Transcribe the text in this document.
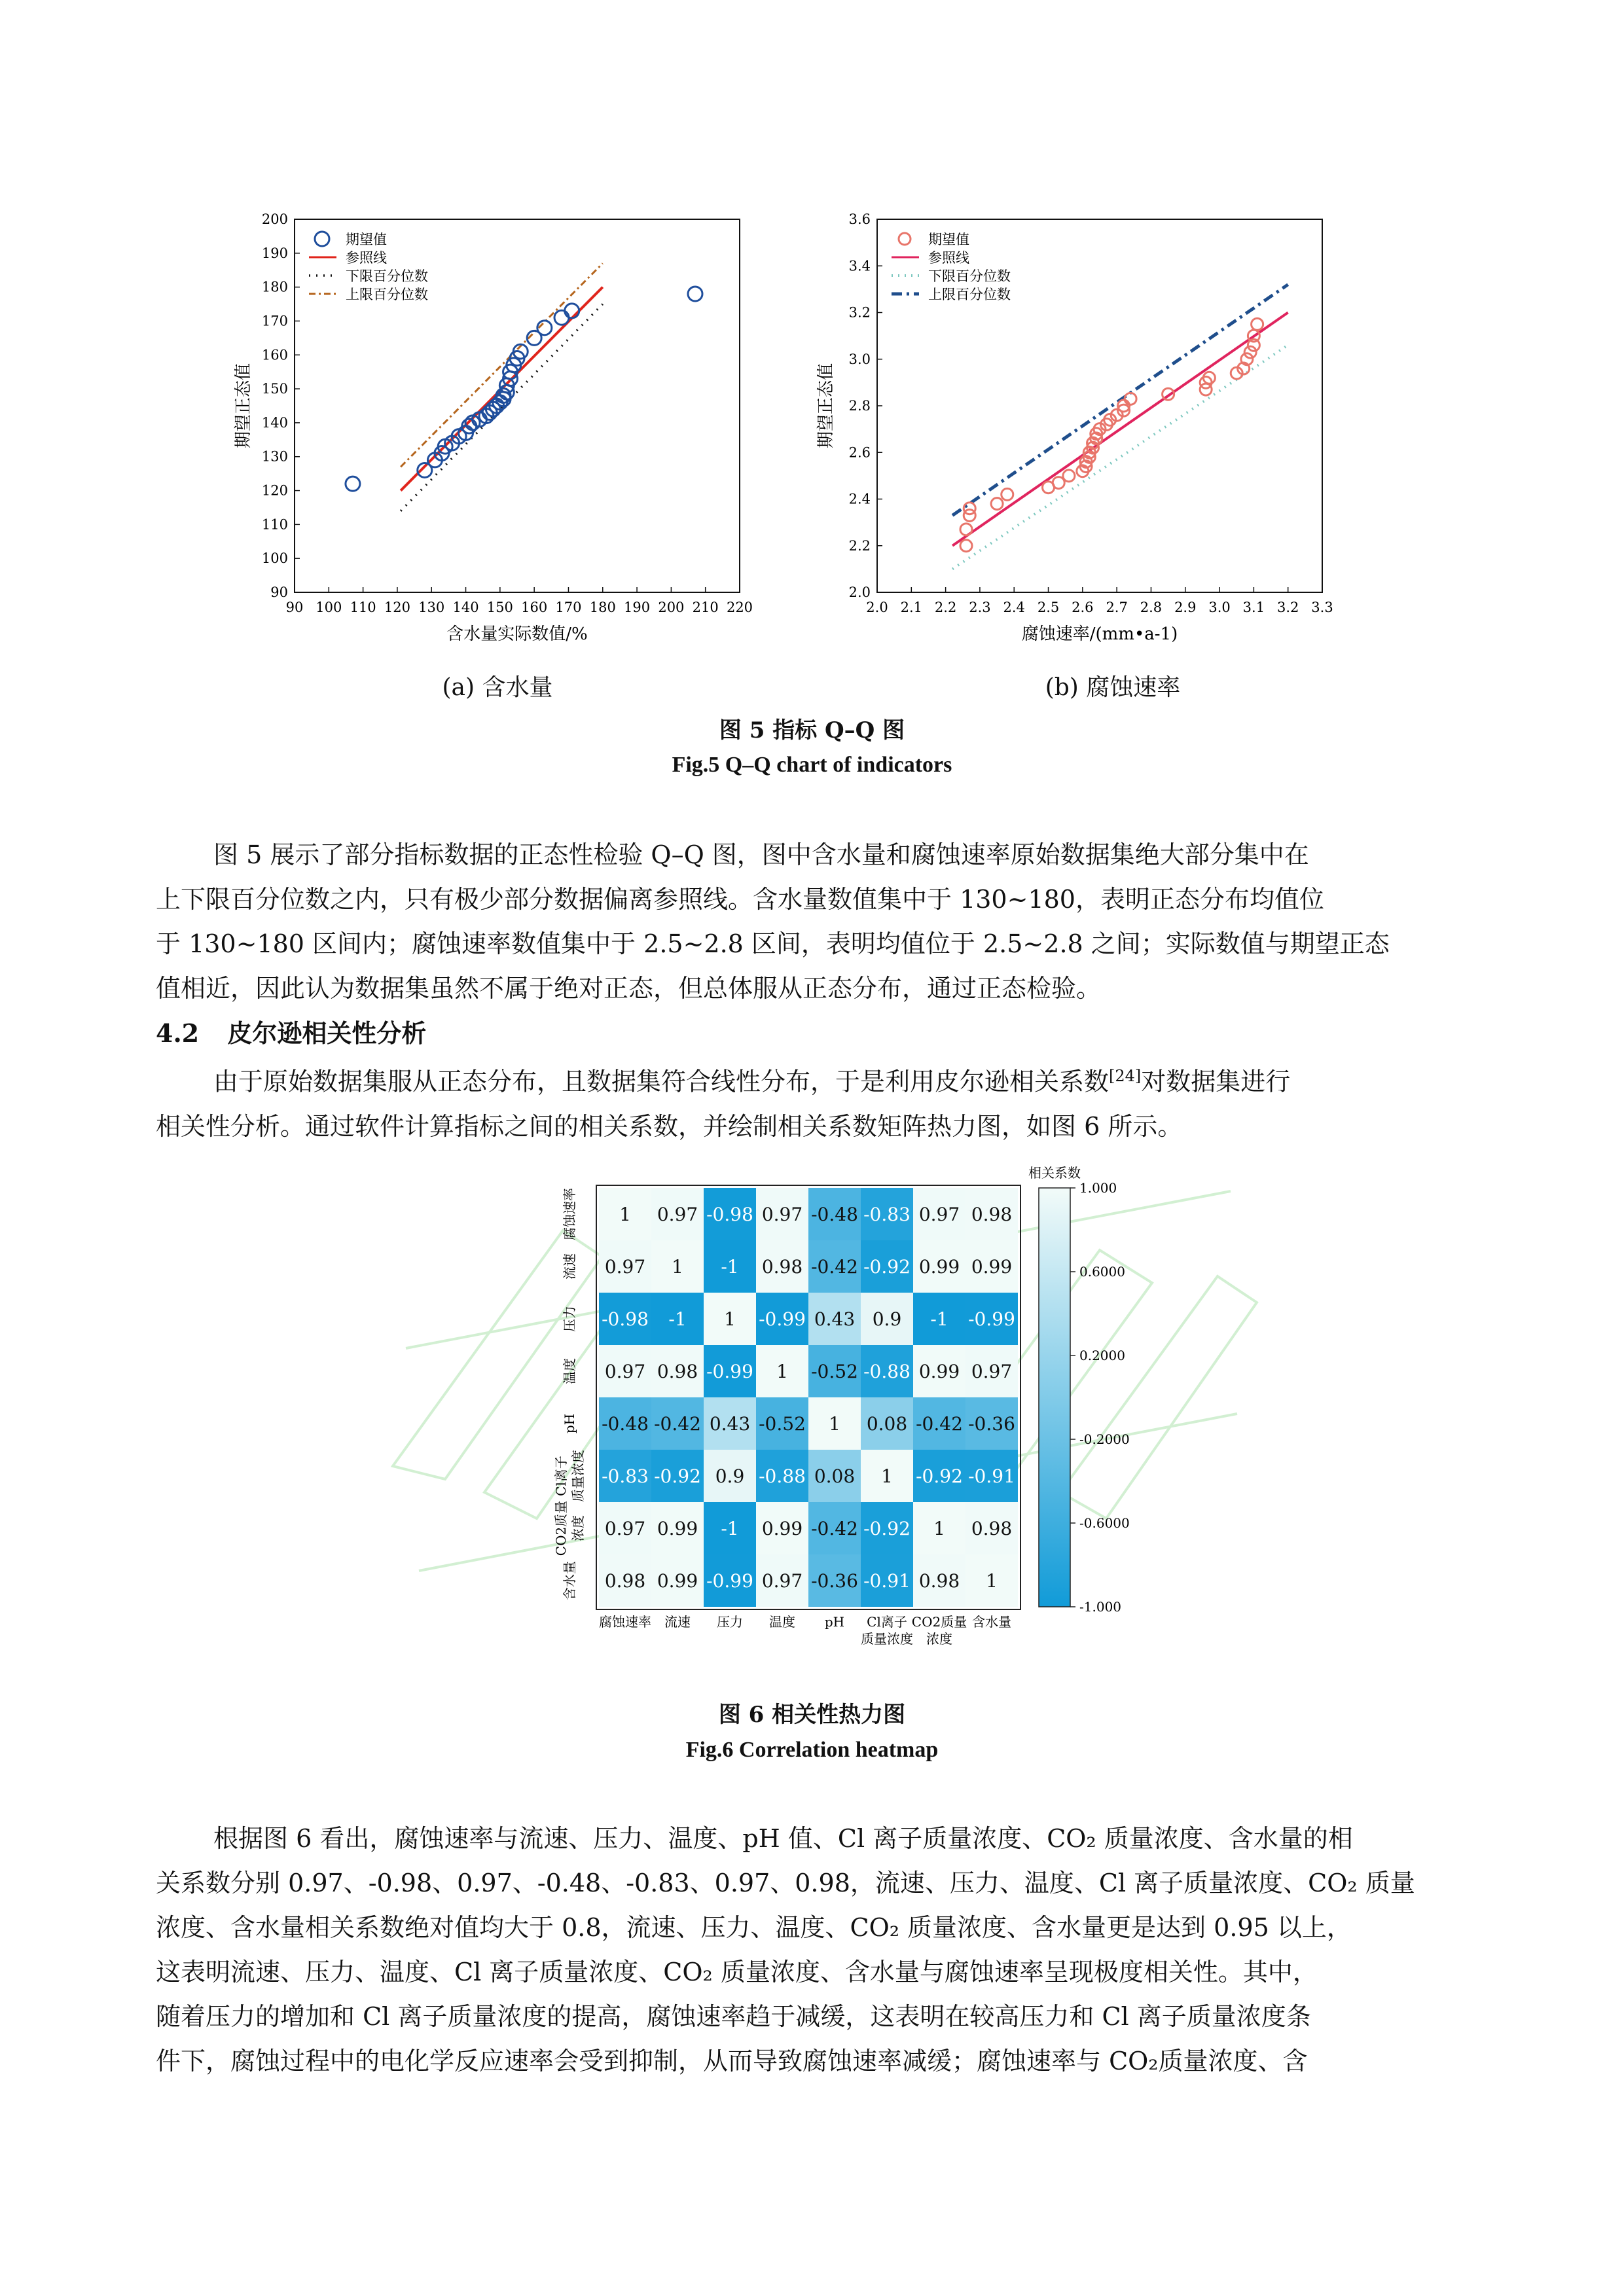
90 100 110 120 130 140 150 160 170 180 190 200 210 220
90
100
110
120
130
140
150
160
170
180
190
200
含水量实际数值/%
期望正态值
期望值
参照线
下限百分位数
上限百分位数
2.0 2.1 2.2 2.3 2.4 2.5 2.6 2.7 2.8 2.9 3.0 3.1 3.2 3.3
2.0
2.2
2.4
2.6
2.8
3.0
3.2
3.4
3.6
腐蚀速率/(mm•a-1)
期望正态值
期望值
参照线
下限百分位数
上限百分位数
(a) 含水量	(b) 腐蚀速率
图 5 指标 Q–Q 图
Fig.5 Q–Q chart of indicators
图 5 展示了部分指标数据的正态性检验 Q–Q 图，图中含水量和腐蚀速率原始数据集绝大部分集中在
上下限百分位数之内，只有极少部分数据偏离参照线。含水量数值集中于 130~180，表明正态分布均值位
于 130~180 区间内；腐蚀速率数值集中于 2.5~2.8 区间，表明均值位于 2.5~2.8 之间；实际数值与期望正态
值相近，因此认为数据集虽然不属于绝对正态，但总体服从正态分布，通过正态检验。
4.2 皮尔逊相关性分析
由于原始数据集服从正态分布，且数据集符合线性分布，于是利用皮尔逊相关系数[24]对数据集进行
相关性分析。通过软件计算指标之间的相关系数，并绘制相关系数矩阵热力图，如图 6 所示。
1 0.97 -0.98 0.97 -0.48 -0.83 0.97 0.98
0.97 1 -1 0.98 -0.42 -0.92 0.99 0.99
-0.98 -1 1 -0.99 0.43 0.9 -1 -0.99
0.97 0.98 -0.99 1 -0.52 -0.88 0.99 0.97
-0.48 -0.42 0.43 -0.52 1 0.08 -0.42 -0.36
-0.83 -0.92 0.9 -0.88 0.08 1 -0.92 -0.91
0.97 0.99 -1 0.99 -0.42 -0.92 1 0.98
0.98 0.99 -0.99 0.97 -0.36 -0.91 0.98 1
腐蚀速率 流速 压力 温度 pH Cl离子
质量浓度
CO2质量
浓度
含水量
腐蚀速率
流速
压力
温度
pH
Cl离子 质量浓度
CO2质量 浓度
含水量
相关系数
1.000
0.6000
0.2000
-0.2000
-0.6000
-1.000
图 6 相关性热力图
Fig.6 Correlation heatmap
根据图 6 看出，腐蚀速率与流速、压力、温度、pH 值、Cl 离子质量浓度、CO₂ 质量浓度、含水量的相
关系数分别 0.97、-0.98、0.97、-0.48、-0.83、0.97、0.98，流速、压力、温度、Cl 离子质量浓度、CO₂ 质量
浓度、含水量相关系数绝对值均大于 0.8，流速、压力、温度、CO₂ 质量浓度、含水量更是达到 0.95 以上，
这表明流速、压力、温度、Cl 离子质量浓度、CO₂ 质量浓度、含水量与腐蚀速率呈现极度相关性。其中，
随着压力的增加和 Cl 离子质量浓度的提高，腐蚀速率趋于减缓，这表明在较高压力和 Cl 离子质量浓度条
件下，腐蚀过程中的电化学反应速率会受到抑制，从而导致腐蚀速率减缓；腐蚀速率与 CO₂质量浓度、含
